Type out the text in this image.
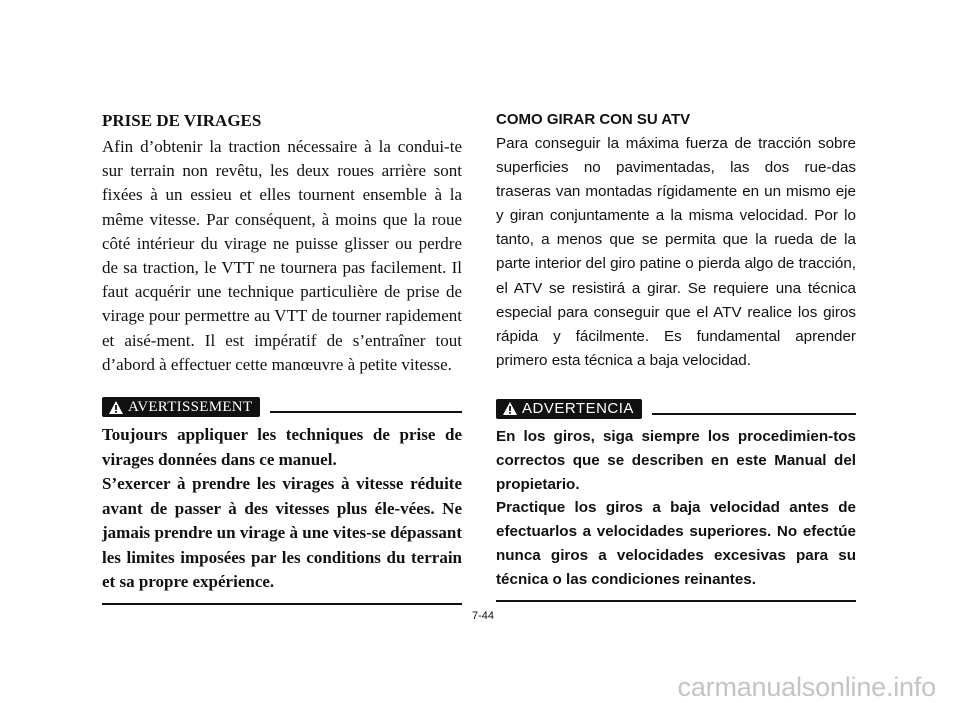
PRISE DE VIRAGES

Afin d’obtenir la traction nécessaire à la condui-te sur terrain non revêtu, les deux roues arrière sont fixées à un essieu et elles tournent ensemble à la même vitesse. Par conséquent, à moins que la roue côté intérieur du virage ne puisse glisser ou perdre de sa traction, le VTT ne tournera pas facilement. Il faut acquérir une technique particulière de prise de virage pour permettre au VTT de tourner rapidement et aisé-ment. Il est impératif de s’entraîner tout d’abord à effectuer cette manœuvre à petite vitesse.

AVERTISSEMENT

Toujours appliquer les techniques de prise de virages données dans ce manuel.

S’exercer à prendre les virages à vitesse réduite avant de passer à des vitesses plus éle-vées. Ne jamais prendre un virage à une vites-se dépassant les limites imposées par les conditions du terrain et sa propre expérience.

COMO GIRAR CON SU ATV

Para conseguir la máxima fuerza de tracción sobre superficies no pavimentadas, las dos rue-das traseras van montadas rígidamente en un mismo eje y giran conjuntamente a la misma velocidad. Por lo tanto, a menos que se permita que la rueda de la parte interior del giro patine o pierda algo de tracción, el ATV se resistirá a girar. Se requiere una técnica especial para conseguir que el ATV realice los giros rápida y fácilmente. Es fundamental aprender primero esta técnica a baja velocidad.

ADVERTENCIA

En los giros, siga siempre los procedimien-tos correctos que se describen en este Manual del propietario.

Practique los giros a baja velocidad antes de efectuarlos a velocidades superiores. No efectúe nunca giros a velocidades excesivas para su técnica o las condiciones reinantes.

7-44
carmanualsonline.info
